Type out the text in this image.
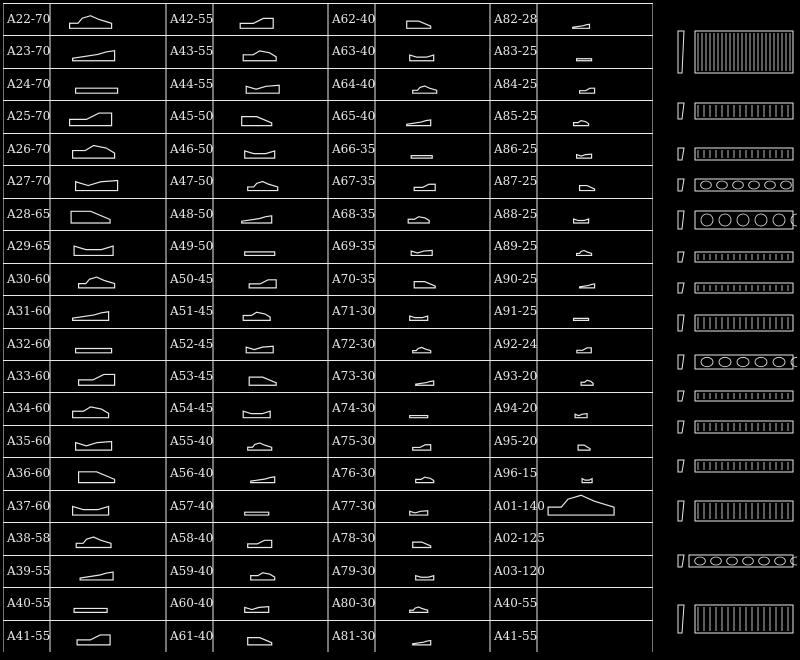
A22-70
A23-70
A24-70
A25-70
A26-70
A27-70
A28-65
A29-65
A30-60
A31-60
A32-60
A33-60
A34-60
A35-60
A36-60
A37-60
A38-58
A39-55
A40-55
A41-55
A42-55
A43-55
A44-55
A45-50
A46-50
A47-50
A48-50
A49-50
A50-45
A51-45
A52-45
A53-45
A54-45
A55-40
A56-40
A57-40
A58-40
A59-40
A60-40
A61-40
A62-40
A63-40
A64-40
A65-40
A66-35
A67-35
A68-35
A69-35
A70-35
A71-30
A72-30
A73-30
A74-30
A75-30
A76-30
A77-30
A78-30
A79-30
A80-30
A81-30
A82-28
A83-25
A84-25
A85-25
A86-25
A87-25
A88-25
A89-25
A90-25
A91-25
A92-24
A93-20
A94-20
A95-20
A96-15
A01-140
A02-125
A03-120
A40-55
A41-55
